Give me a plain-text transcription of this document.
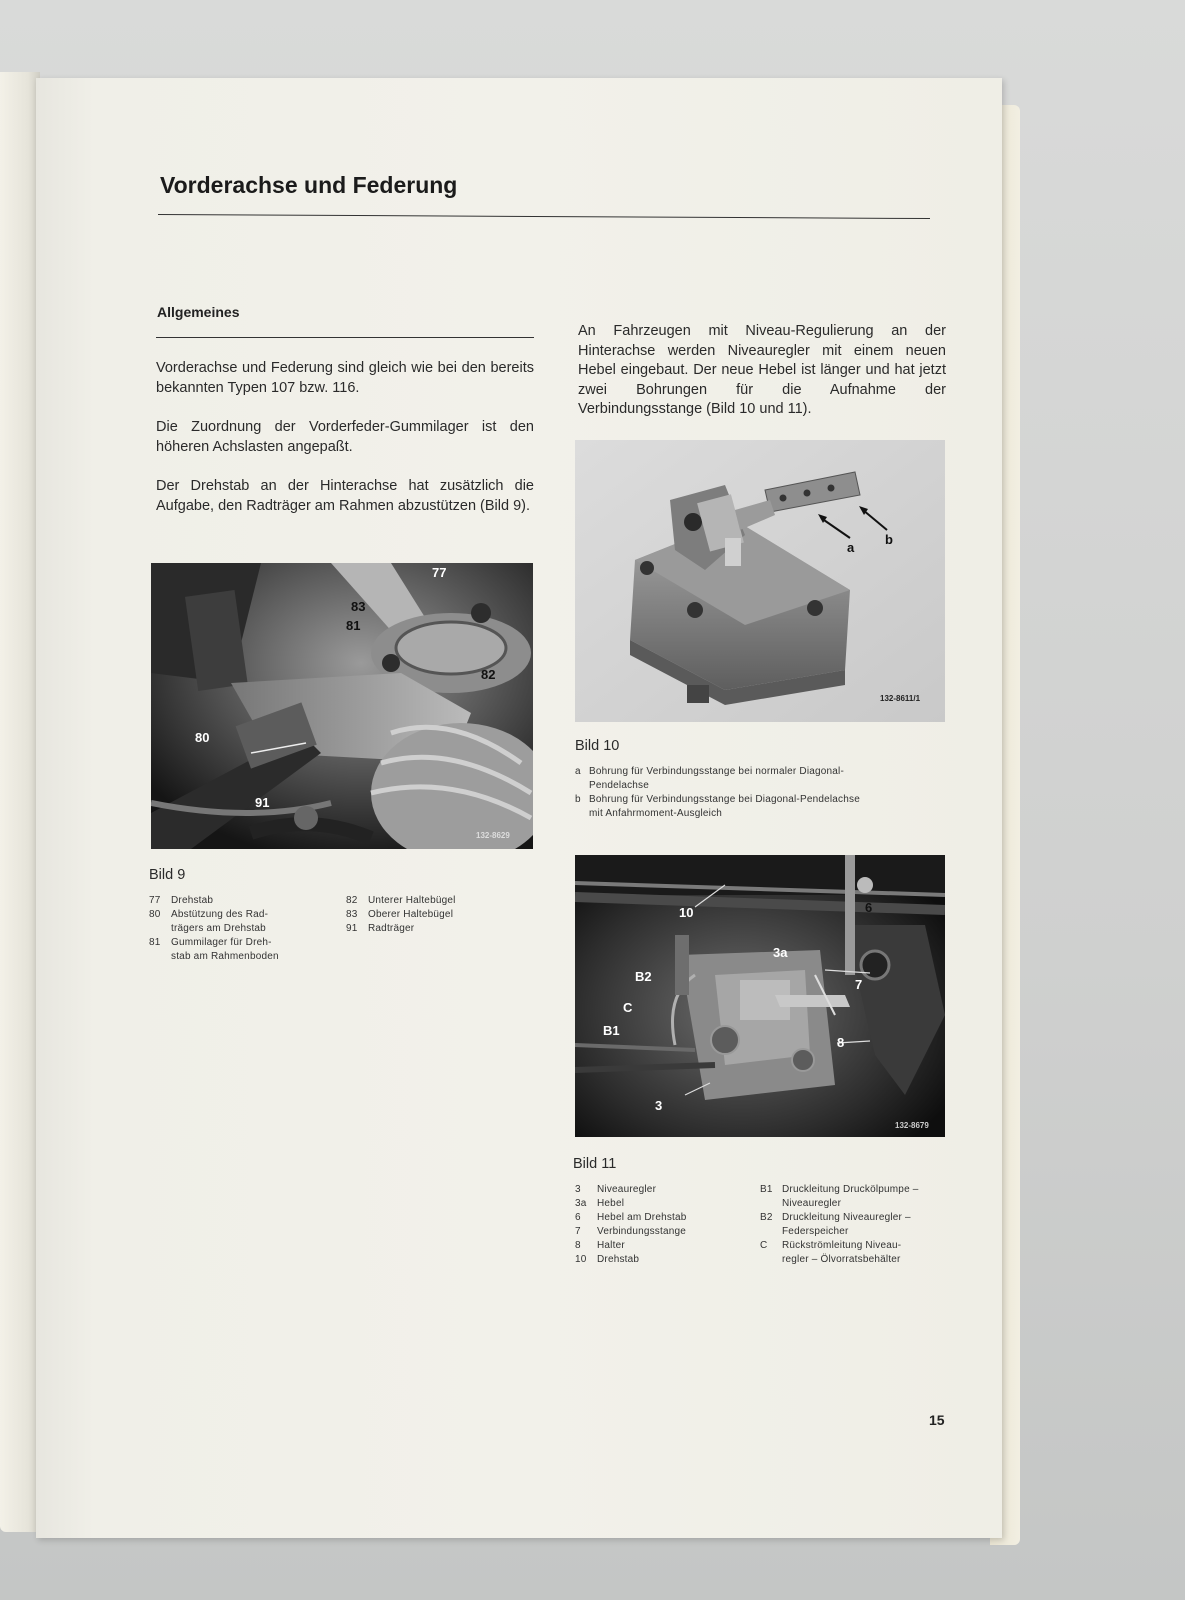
Vorderachse und Federung
Allgemeines
Vorderachse und Federung sind gleich wie bei den bereits bekannten Typen 107 bzw. 116.
Die Zuordnung der Vorderfeder-Gummilager ist den höheren Achslasten angepaßt.
Der Drehstab an der Hinterachse hat zusätzlich die Aufgabe, den Radträger am Rahmen abzustützen (Bild 9).
An Fahrzeugen mit Niveau-Regulierung an der Hinterachse werden Niveauregler mit einem neuen Hebel eingebaut. Der neue Hebel ist länger und hat jetzt zwei Bohrungen für die Aufnahme der Verbindungsstange (Bild 10 und 11).
132-8629
77
83
81
82
80
91
Bild 9
77	Drehstab
80	Abstützung des Rad-
trägers am Drehstab
81	Gummilager für Dreh-
stab am Rahmenboden
82	Unterer Haltebügel
83	Oberer Haltebügel
91	Radträger
132-8611/1
a
b
Bild 10
a Bohrung für Verbindungsstange bei normaler Diagonal-
Pendelachse
b Bohrung für Verbindungsstange bei Diagonal-Pendelachse
mit Anfahrmoment-Ausgleich
132-8679
10	6
3a
B2
7
C
B1
8
3
Bild 11
3	Niveauregler
3a	Hebel
6	Hebel am Drehstab
7	Verbindungsstange
8	Halter
10	Drehstab
B1 Druckleitung Druckölpumpe –
Niveauregler
B2 Druckleitung Niveauregler –
Federspeicher
C	Rückströmleitung Niveau-
regler – Ölvorratsbehälter
15
